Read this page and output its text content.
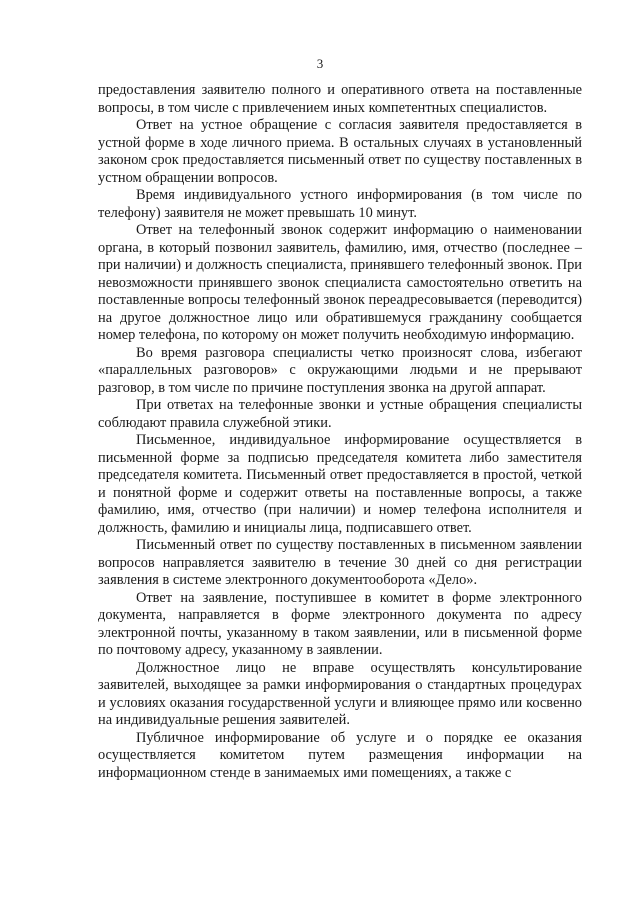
3

предоставления заявителю полного и оперативного ответа на поставленные вопросы, в том числе с привлечением иных компетентных специалистов.

Ответ на устное обращение с согласия заявителя предоставляется в устной форме в ходе личного приема. В остальных случаях в установленный законом срок предоставляется письменный ответ по существу поставленных в устном обращении вопросов.

Время индивидуального устного информирования (в том числе по телефону) заявителя не может превышать 10 минут.

Ответ на телефонный звонок содержит информацию о наименовании органа, в который позвонил заявитель, фамилию, имя, отчество (последнее – при наличии) и должность специалиста, принявшего телефонный звонок. При невозможности принявшего звонок специалиста самостоятельно ответить на поставленные вопросы телефонный звонок переадресовывается (переводится) на другое должностное лицо или обратившемуся гражданину сообщается номер телефона, по которому он может получить необходимую информацию.

Во время разговора специалисты четко произносят слова, избегают «параллельных разговоров» с окружающими людьми и не прерывают разговор, в том числе по причине поступления звонка на другой аппарат.

При ответах на телефонные звонки и устные обращения специалисты соблюдают правила служебной этики.

Письменное, индивидуальное информирование осуществляется в письменной форме за подписью председателя комитета либо заместителя председателя комитета. Письменный ответ предоставляется в простой, четкой и понятной форме и содержит ответы на поставленные вопросы, а также фамилию, имя, отчество (при наличии) и номер телефона исполнителя и должность, фамилию и инициалы лица, подписавшего ответ.

Письменный ответ по существу поставленных в письменном заявлении вопросов направляется заявителю в течение 30 дней со дня регистрации заявления в системе электронного документооборота «Дело».

Ответ на заявление, поступившее в комитет в форме электронного документа, направляется в форме электронного документа по адресу электронной почты, указанному в таком заявлении, или в письменной форме по почтовому адресу, указанному в заявлении.

Должностное лицо не вправе осуществлять консультирование заявителей, выходящее за рамки информирования о стандартных процедурах и условиях оказания государственной услуги и влияющее прямо или косвенно на индивидуальные решения заявителей.

Публичное информирование об услуге и о порядке ее оказания осуществляется комитетом путем размещения информации на информационном стенде в занимаемых ими помещениях, а также с
